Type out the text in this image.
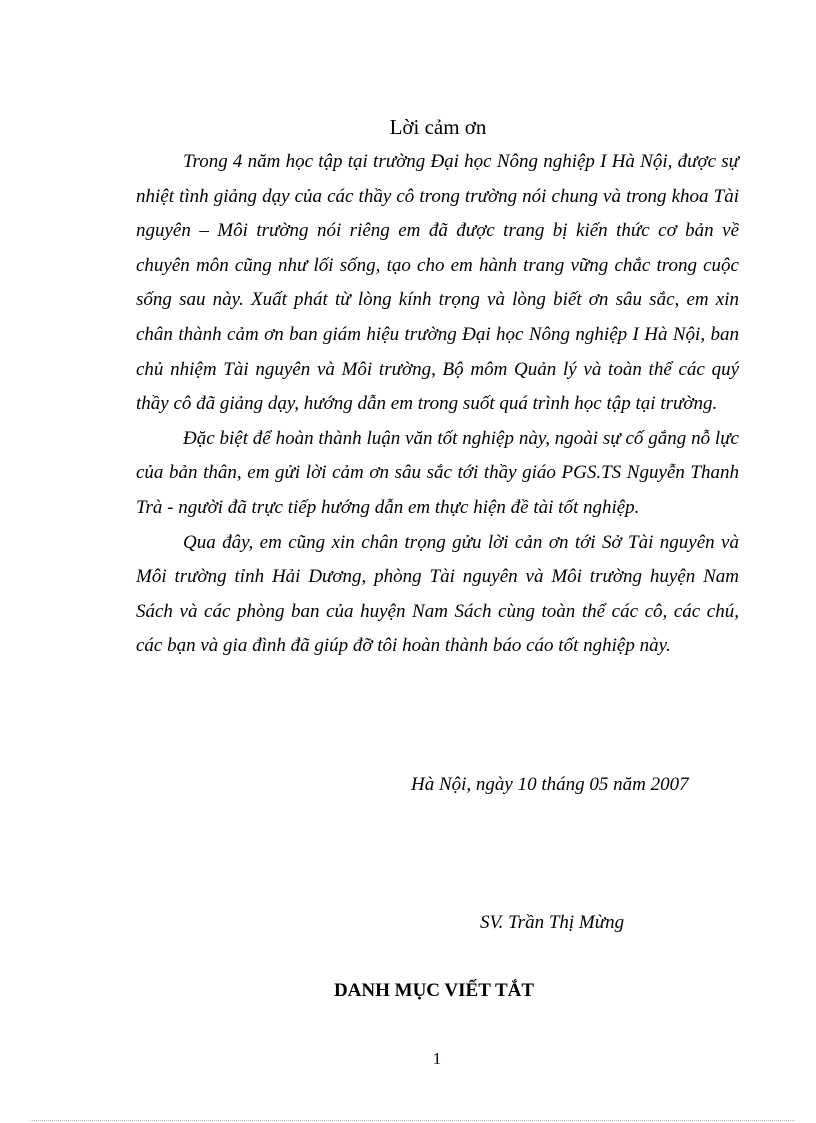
Lời cảm ơn

Trong 4 năm học tập tại trường Đại học Nông nghiệp I Hà Nội, được sự nhiệt tình giảng dạy của các thầy cô trong trường nói chung và trong khoa Tài nguyên – Môi trường nói riêng em đã được trang bị kiến thức cơ bản về chuyên môn cũng như lối sống, tạo cho em hành trang vững chắc trong cuộc sống sau này. Xuất phát từ lòng kính trọng và lòng biết ơn sâu sắc, em xin chân thành cảm ơn ban giám hiệu trường Đại học Nông nghiệp I Hà Nội, ban chủ nhiệm Tài nguyên và Môi trường, Bộ môm Quản lý và toàn thể các quý thầy cô đã giảng dạy, hướng dẫn em trong suốt quá trình học tập tại trường.

Đặc biệt để hoàn thành luận văn tốt nghiệp này, ngoài sự cố gắng nỗ lực của bản thân, em gửi lời cảm ơn sâu sắc tới thầy giáo PGS.TS Nguyễn Thanh Trà - người đã trực tiếp hướng dẫn em thực hiện đề tài tốt nghiệp.

Qua đây, em cũng xin chân trọng gửu lời cản ơn tới Sở Tài nguyên và Môi trường tỉnh Hải Dương, phòng Tài nguyên và Môi trường huyện Nam Sách và các phòng ban của huyện Nam Sách cùng toàn thể các cô, các chú, các bạn và gia đình đã giúp đỡ tôi hoàn thành báo cáo tốt nghiệp này.

Hà Nội, ngày 10 tháng 05 năm 2007
SV. Trần Thị Mừng
DANH MỤC VIẾT TẮT
1
